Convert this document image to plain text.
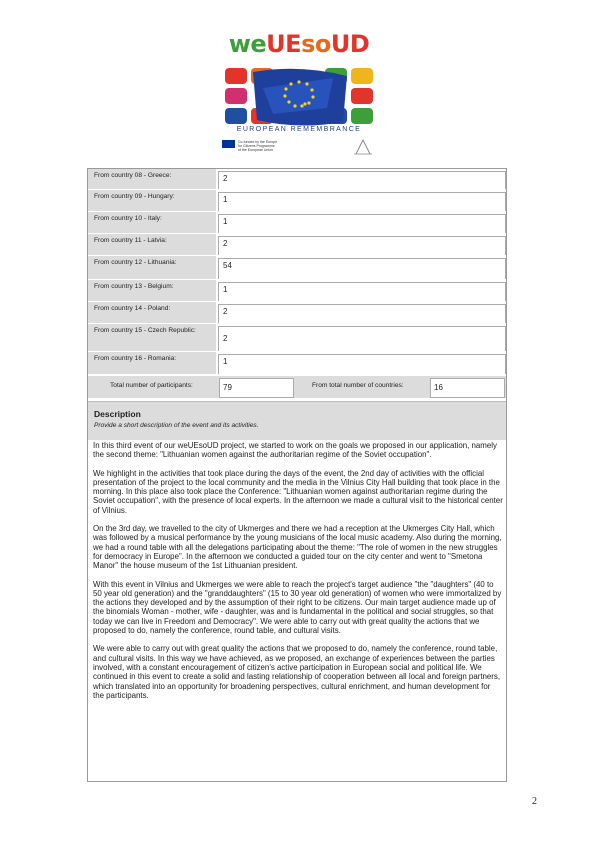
weUEsoUD
EUROPEAN REMEMBRANCE
Co-funded by the Europe for Citizens Programme of the European Union
From country 08 - Greece:	2
From country 09 - Hungary:	1
From country 10 - Italy:	1
From country 11 - Latvia:	2
From country 12 - Lithuania:	54
From country 13 - Belgium:	1
From country 14 - Poland:	2
From country 15 - Czech Republic:
2
From country 16 - Romania:	1
Total number of participants:	79	From total number of countries:	16
Description
Provide a short description of the event and its activities.

In this third event of our weUEsoUD project, we started to work on the goals we proposed in our application, namely the second theme: "Lithuanian women against the authoritarian regime of the Soviet occupation".

We highlight in the activities that took place during the days of the event, the 2nd day of activities with the official presentation of the project to the local community and the media in the Vilnius City Hall building that took place in the morning. In this place also took place the Conference: "Lithuanian women against authoritarian regime during the Soviet occupation", with the presence of local experts. In the afternoon we made a cultural visit to the historical center of Vilnius.

On the 3rd day, we travelled to the city of Ukmerges and there we had a reception at the Ukmerges City Hall, which was followed by a musical performance by the young musicians of the local music academy. Also during the morning, we had a round table with all the delegations participating about the theme: "The role of women in the new struggles for democracy in Europe". In the afternoon we conducted a guided tour on the city center and went to "Smetona Manor" the house museum of the 1st Lithuanian president.

With this event in Vilnius and Ukmerges we were able to reach the project's target audience "the "daughters" (40 to 50 year old generation) and the "granddaughters" (15 to 30 year old generation) of women who were immortalized by the actions they developed and by the assumption of their right to be citizens. Our main target audience made up of the binomials Woman - mother, wife - daughter, was and is fundamental in the political and social struggles, so that today we can live in Freedom and Democracy". We were able to carry out with great quality the actions that we proposed to do, namely the conference, round table, and cultural visits.

We were able to carry out with great quality the actions that we proposed to do, namely the conference, round table, and cultural visits. In this way we have achieved, as we proposed, an exchange of experiences between the parties involved, with a constant encouragement of citizen's active participation in European social and political life. We continued in this event to create a solid and lasting relationship of cooperation between all local and foreign partners, which translated into an opportunity for broadening perspectives, cultural enrichment, and human development for the participants.

2
